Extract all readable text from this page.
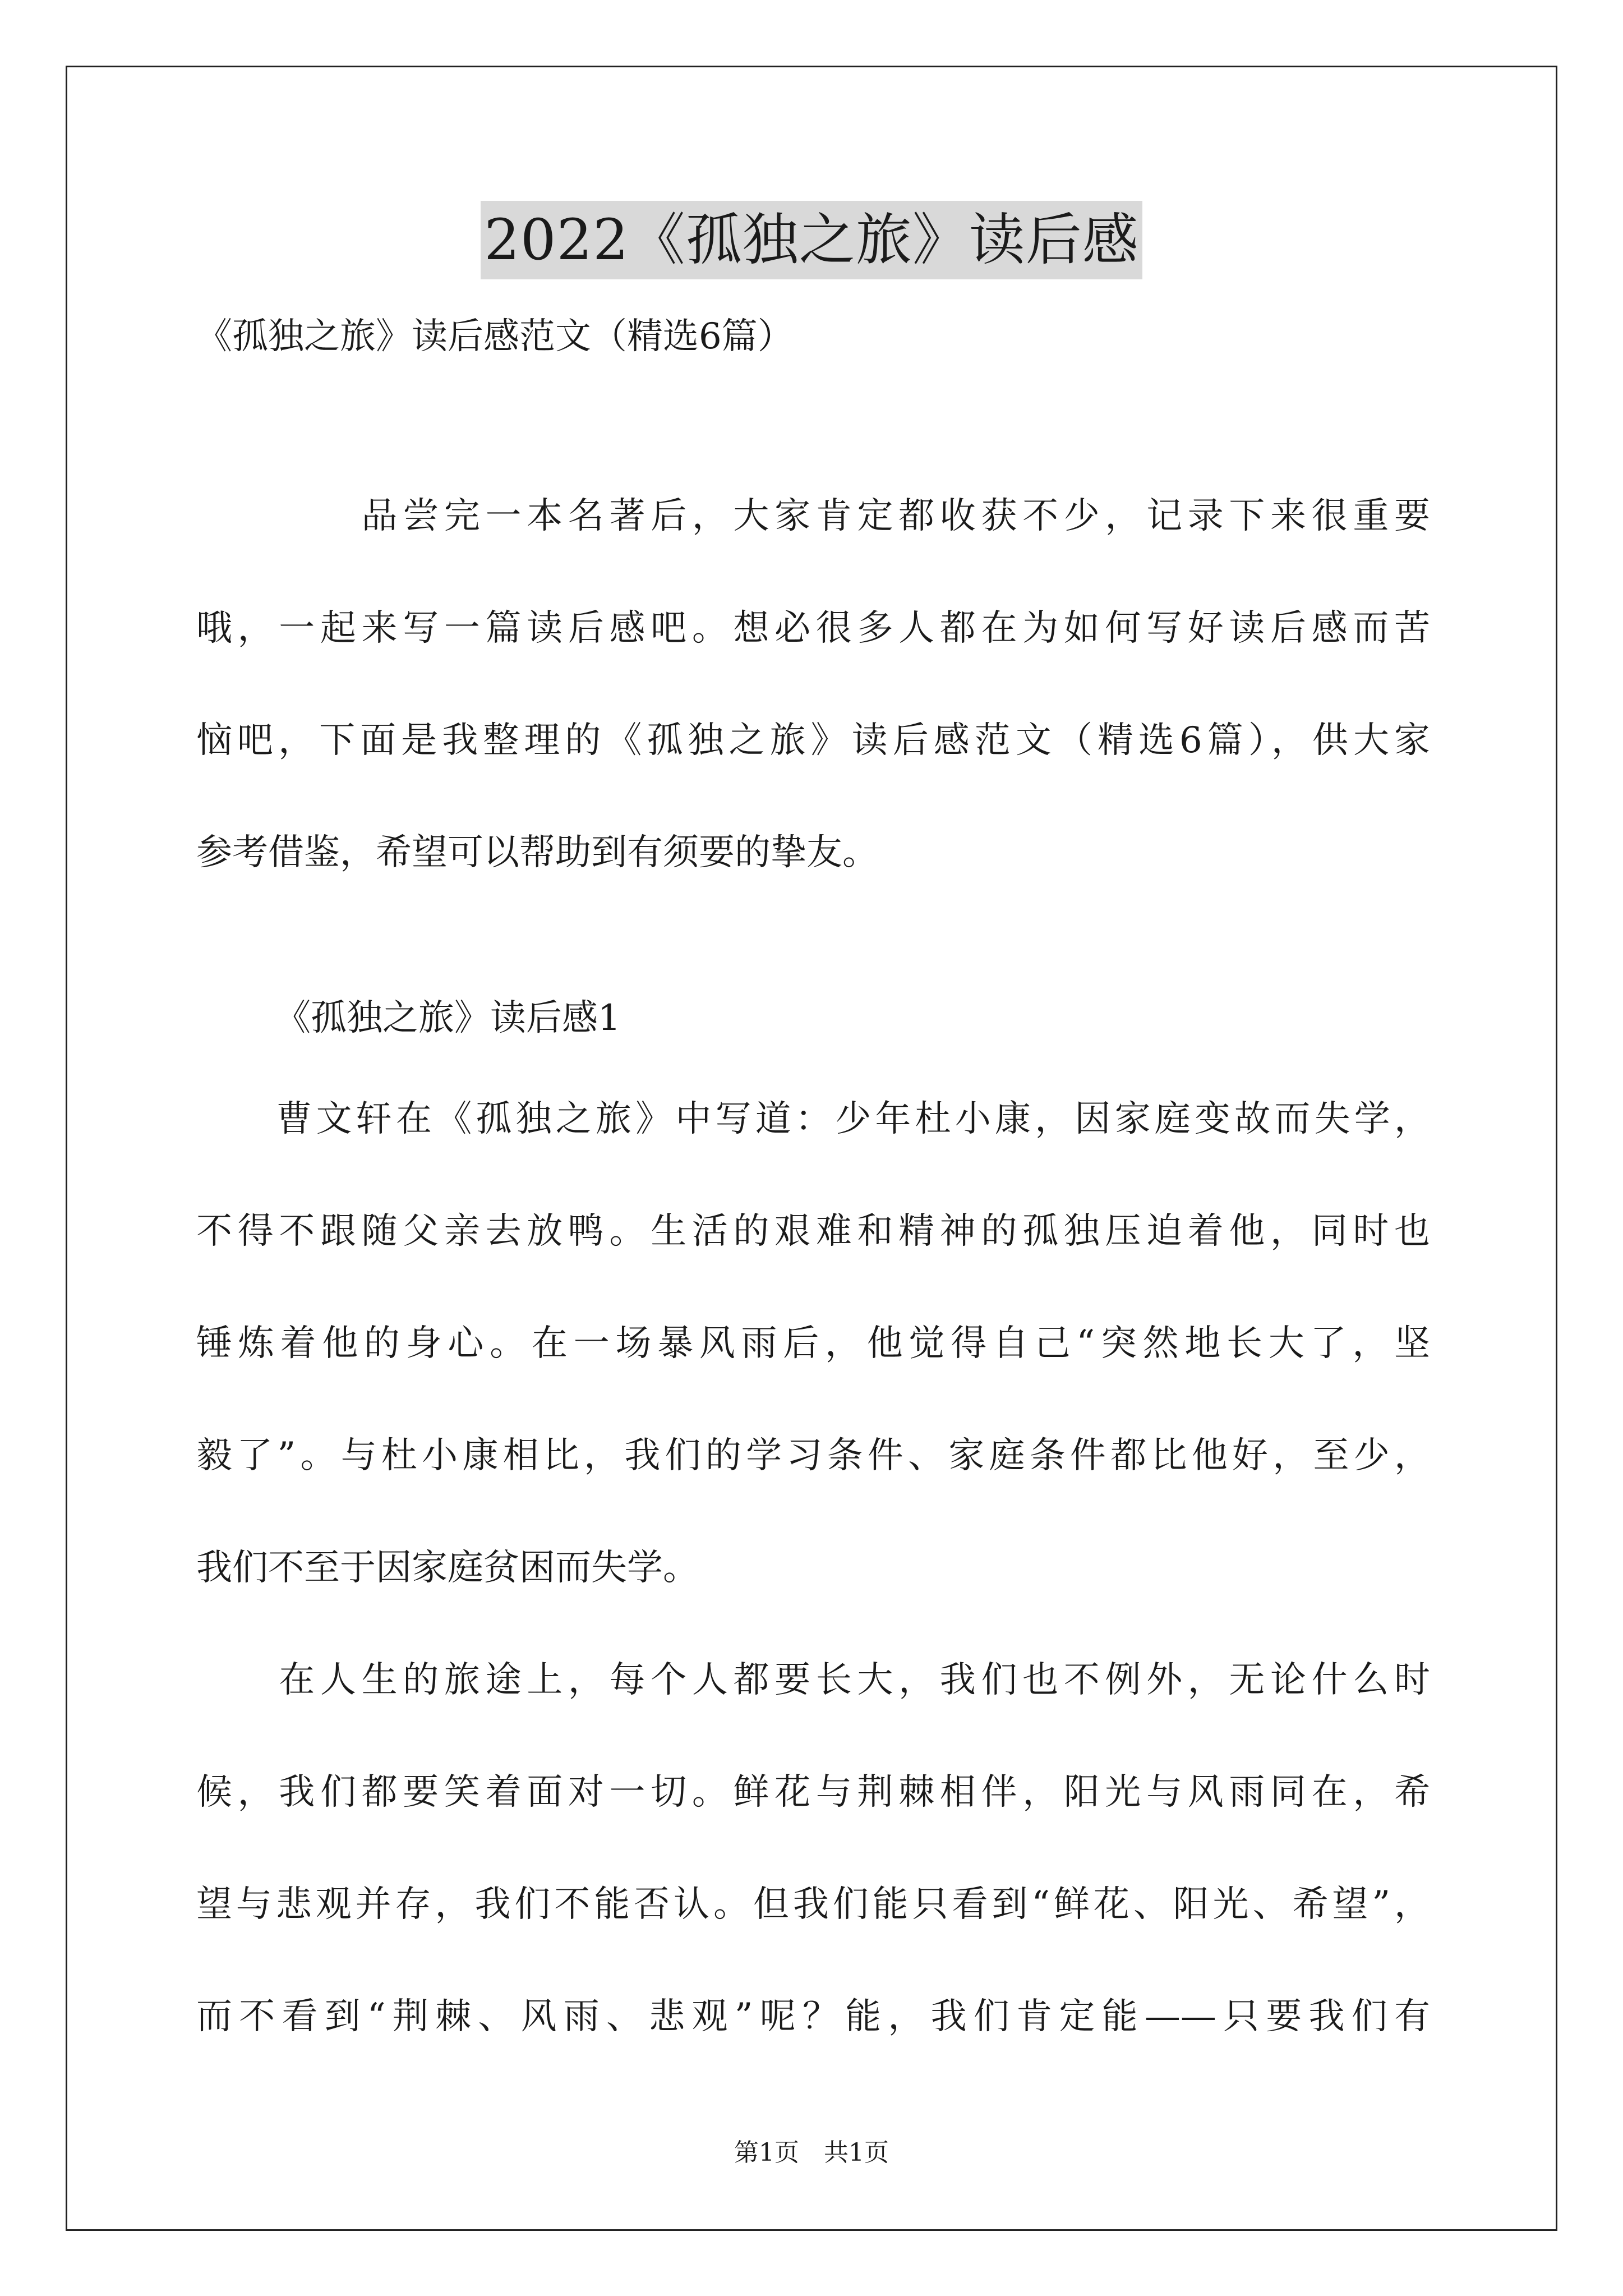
2022《孤独之旅》读后感
《孤独之旅》读后感范文（精选6篇）
　　　　品尝完一本名著后，大家肯定都收获不少，记录下来很重要
哦，一起来写一篇读后感吧。想必很多人都在为如何写好读后感而苦
恼吧，下面是我整理的《孤独之旅》读后感范文（精选6篇），供大家
参考借鉴，希望可以帮助到有须要的挚友。
《孤独之旅》读后感1

　　曹文轩在《孤独之旅》中写道：少年杜小康，因家庭变故而失学，
不得不跟随父亲去放鸭。生活的艰难和精神的孤独压迫着他，同时也
锤炼着他的身心。在一场暴风雨后，他觉得自己“突然地长大了，坚
毅了”。与杜小康相比，我们的学习条件、家庭条件都比他好，至少，
我们不至于因家庭贫困而失学。

　　在人生的旅途上，每个人都要长大，我们也不例外，无论什么时
候，我们都要笑着面对一切。鲜花与荆棘相伴，阳光与风雨同在，希
望与悲观并存，我们不能否认。但我们能只看到“鲜花、阳光、希望”，
而不看到“荆棘、风雨、悲观”呢？能，我们肯定能——只要我们有

第1页　共1页
